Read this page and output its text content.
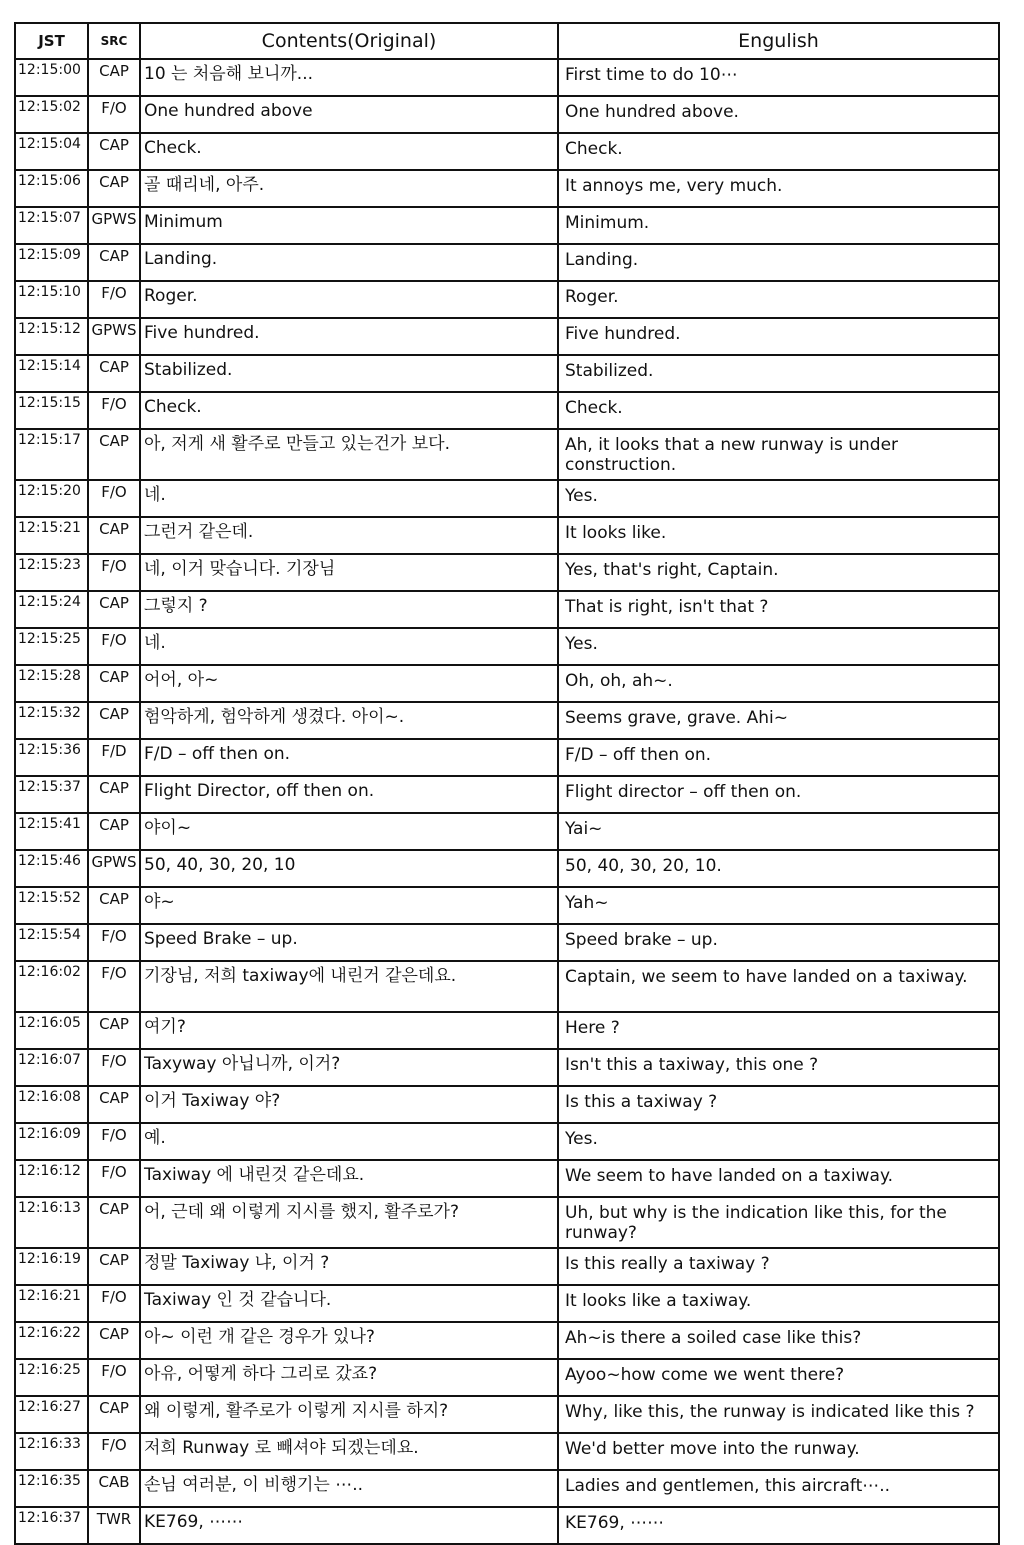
JST	SRC	Contents(Original)	Engulish
12:15:00	CAP	10 는 처음해 보니까...	First time to do 10⋯
12:15:02	F/O	One hundred above	One hundred above.
12:15:04	CAP	Check.	Check.
12:15:06	CAP	골 때리네, 아주.	It annoys me, very much.
12:15:07	GPWS	Minimum	Minimum.
12:15:09	CAP	Landing.	Landing.
12:15:10	F/O	Roger.	Roger.
12:15:12	GPWS	Five hundred.	Five hundred.
12:15:14	CAP	Stabilized.	Stabilized.
12:15:15	F/O	Check.	Check.
12:15:17	CAP	아, 저게 새 활주로 만들고 있는건가 보다.	Ah, it looks that a new runway is under construction.
12:15:20	F/O	네.	Yes.
12:15:21	CAP	그런거 같은데.	It looks like.
12:15:23	F/O	네, 이거 맞습니다. 기장님	Yes, that's right, Captain.
12:15:24	CAP	그렇지 ?	That is right, isn't that ?
12:15:25	F/O	네.	Yes.
12:15:28	CAP	어어, 아~	Oh, oh, ah~.
12:15:32	CAP	험악하게, 험악하게 생겼다. 아이~.	Seems grave, grave. Ahi~
12:15:36	F/D	F/D – off then on.	F/D – off then on.
12:15:37	CAP	Flight Director, off then on.	Flight director – off then on.
12:15:41	CAP	야이~	Yai~
12:15:46	GPWS	50, 40, 30, 20, 10	50, 40, 30, 20, 10.
12:15:52	CAP	야~	Yah~
12:15:54	F/O	Speed Brake – up.	Speed brake – up.
12:16:02	F/O	기장님, 저희 taxiway에 내린거 같은데요.	Captain, we seem to have landed on a taxiway.
12:16:05	CAP	여기?	Here ?
12:16:07	F/O	Taxyway 아닙니까, 이거?	Isn't this a taxiway, this one ?
12:16:08	CAP	이거 Taxiway 야?	Is this a taxiway ?
12:16:09	F/O	예.	Yes.
12:16:12	F/O	Taxiway 에 내린것 같은데요.	We seem to have landed on a taxiway.
12:16:13	CAP	어, 근데 왜 이렇게 지시를 했지, 활주로가?	Uh, but why is the indication like this, for the runway?
12:16:19	CAP	정말 Taxiway 냐, 이거 ?	Is this really a taxiway ?
12:16:21	F/O	Taxiway 인 것 같습니다.	It looks like a taxiway.
12:16:22	CAP	아~ 이런 개 같은 경우가 있나?	Ah~is there a soiled case like this?
12:16:25	F/O	아유, 어떻게 하다 그리로 갔죠?	Ayoo~how come we went there?
12:16:27	CAP	왜 이렇게, 활주로가 이렇게 지시를 하지?	Why, like this, the runway is indicated like this ?
12:16:33	F/O	저희 Runway 로 빼셔야 되겠는데요.	We'd better move into the runway.
12:16:35	CAB	손님 여러분, 이 비행기는 ⋯..	Ladies and gentlemen, this aircraft⋯..
12:16:37	TWR	KE769, ⋯⋯	KE769, ⋯⋯
